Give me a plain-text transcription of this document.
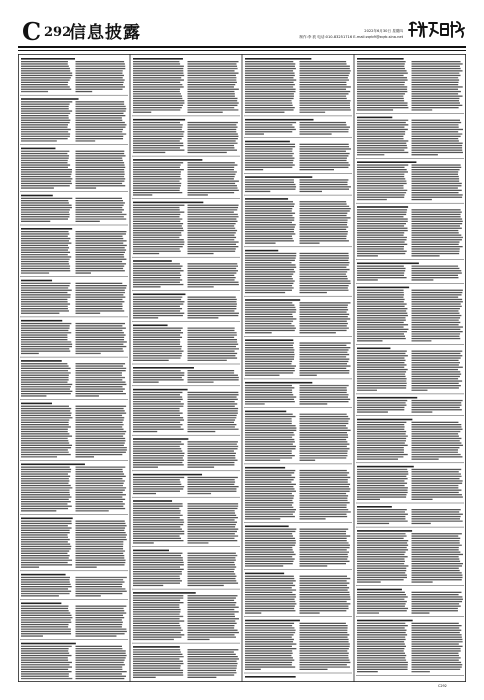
C 292
信息披露	2022年6月30日 星期四
制作:李 波 电话:010-83251716 E-mail:zqrb9@zqrb.sina.net
C292
